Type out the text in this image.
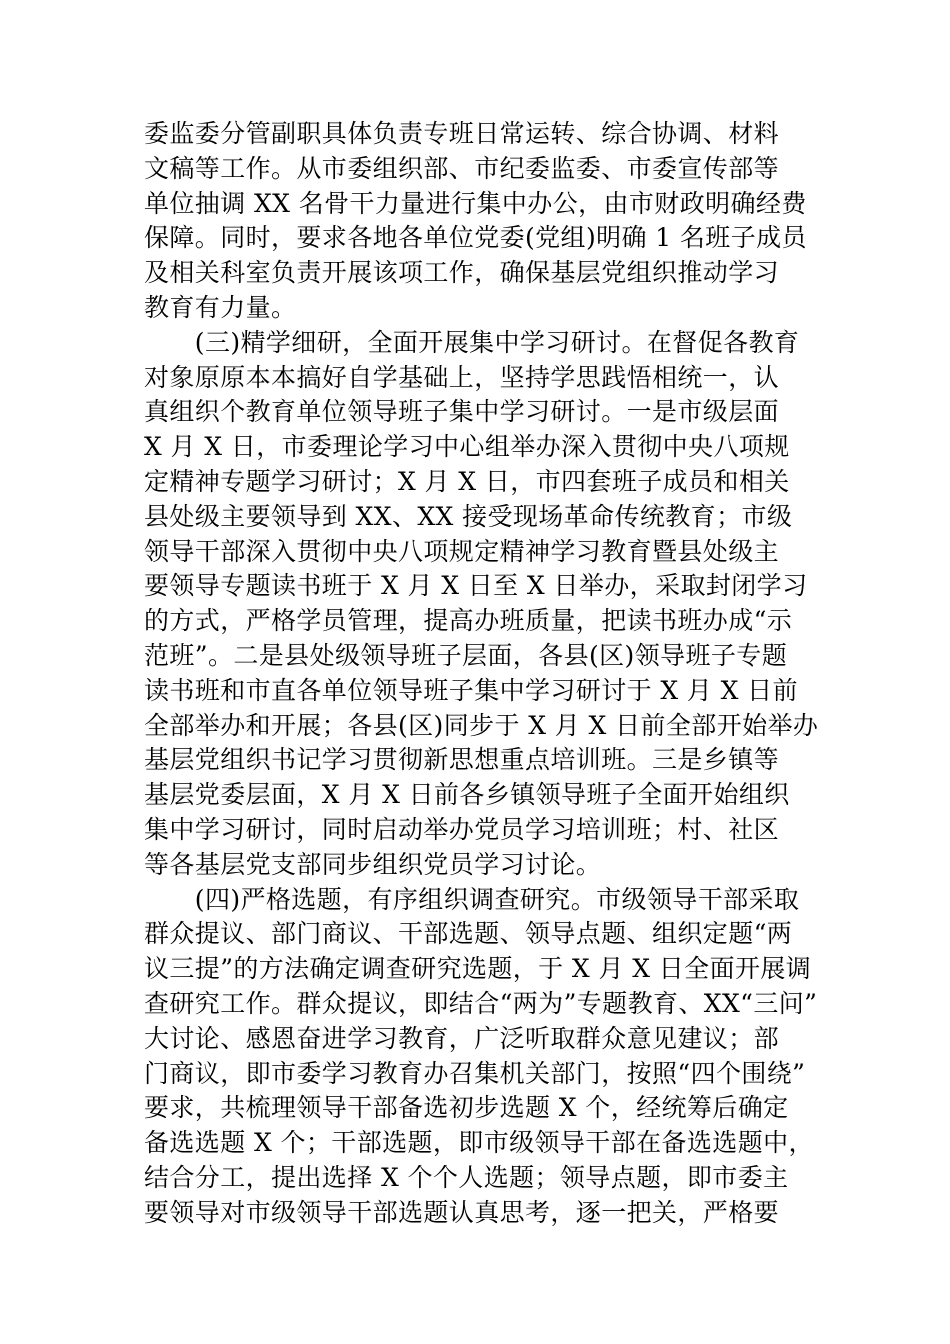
委监委分管副职具体负责专班日常运转、综合协调、材料
文稿等工作。从市委组织部、市纪委监委、市委宣传部等
单位抽调 XX 名骨干力量进行集中办公，由市财政明确经费
保障。同时，要求各地各单位党委(党组)明确 1 名班子成员
及相关科室负责开展该项工作，确保基层党组织推动学习
教育有力量。

　　(三)精学细研，全面开展集中学习研讨。在督促各教育
对象原原本本搞好自学基础上，坚持学思践悟相统一，认
真组织个教育单位领导班子集中学习研讨。一是市级层面
X 月 X 日，市委理论学习中心组举办深入贯彻中央八项规
定精神专题学习研讨；X 月 X 日，市四套班子成员和相关
县处级主要领导到 XX、XX 接受现场革命传统教育；市级
领导干部深入贯彻中央八项规定精神学习教育暨县处级主
要领导专题读书班于 X 月 X 日至 X 日举办，采取封闭学习
的方式，严格学员管理，提高办班质量，把读书班办成“示
范班”。二是县处级领导班子层面，各县(区)领导班子专题
读书班和市直各单位领导班子集中学习研讨于 X 月 X 日前
全部举办和开展；各县(区)同步于 X 月 X 日前全部开始举办
基层党组织书记学习贯彻新思想重点培训班。三是乡镇等
基层党委层面，X 月 X 日前各乡镇领导班子全面开始组织
集中学习研讨，同时启动举办党员学习培训班；村、社区
等各基层党支部同步组织党员学习讨论。

　　(四)严格选题，有序组织调查研究。市级领导干部采取
群众提议、部门商议、干部选题、领导点题、组织定题“两
议三提”的方法确定调查研究选题，于 X 月 X 日全面开展调
查研究工作。群众提议，即结合“两为”专题教育、XX“三问”
大讨论、感恩奋进学习教育，广泛听取群众意见建议；部
门商议，即市委学习教育办召集机关部门，按照“四个围绕”
要求，共梳理领导干部备选初步选题 X 个，经统筹后确定
备选选题 X 个；干部选题，即市级领导干部在备选选题中，
结合分工，提出选择 X 个个人选题；领导点题，即市委主
要领导对市级领导干部选题认真思考，逐一把关，严格要
